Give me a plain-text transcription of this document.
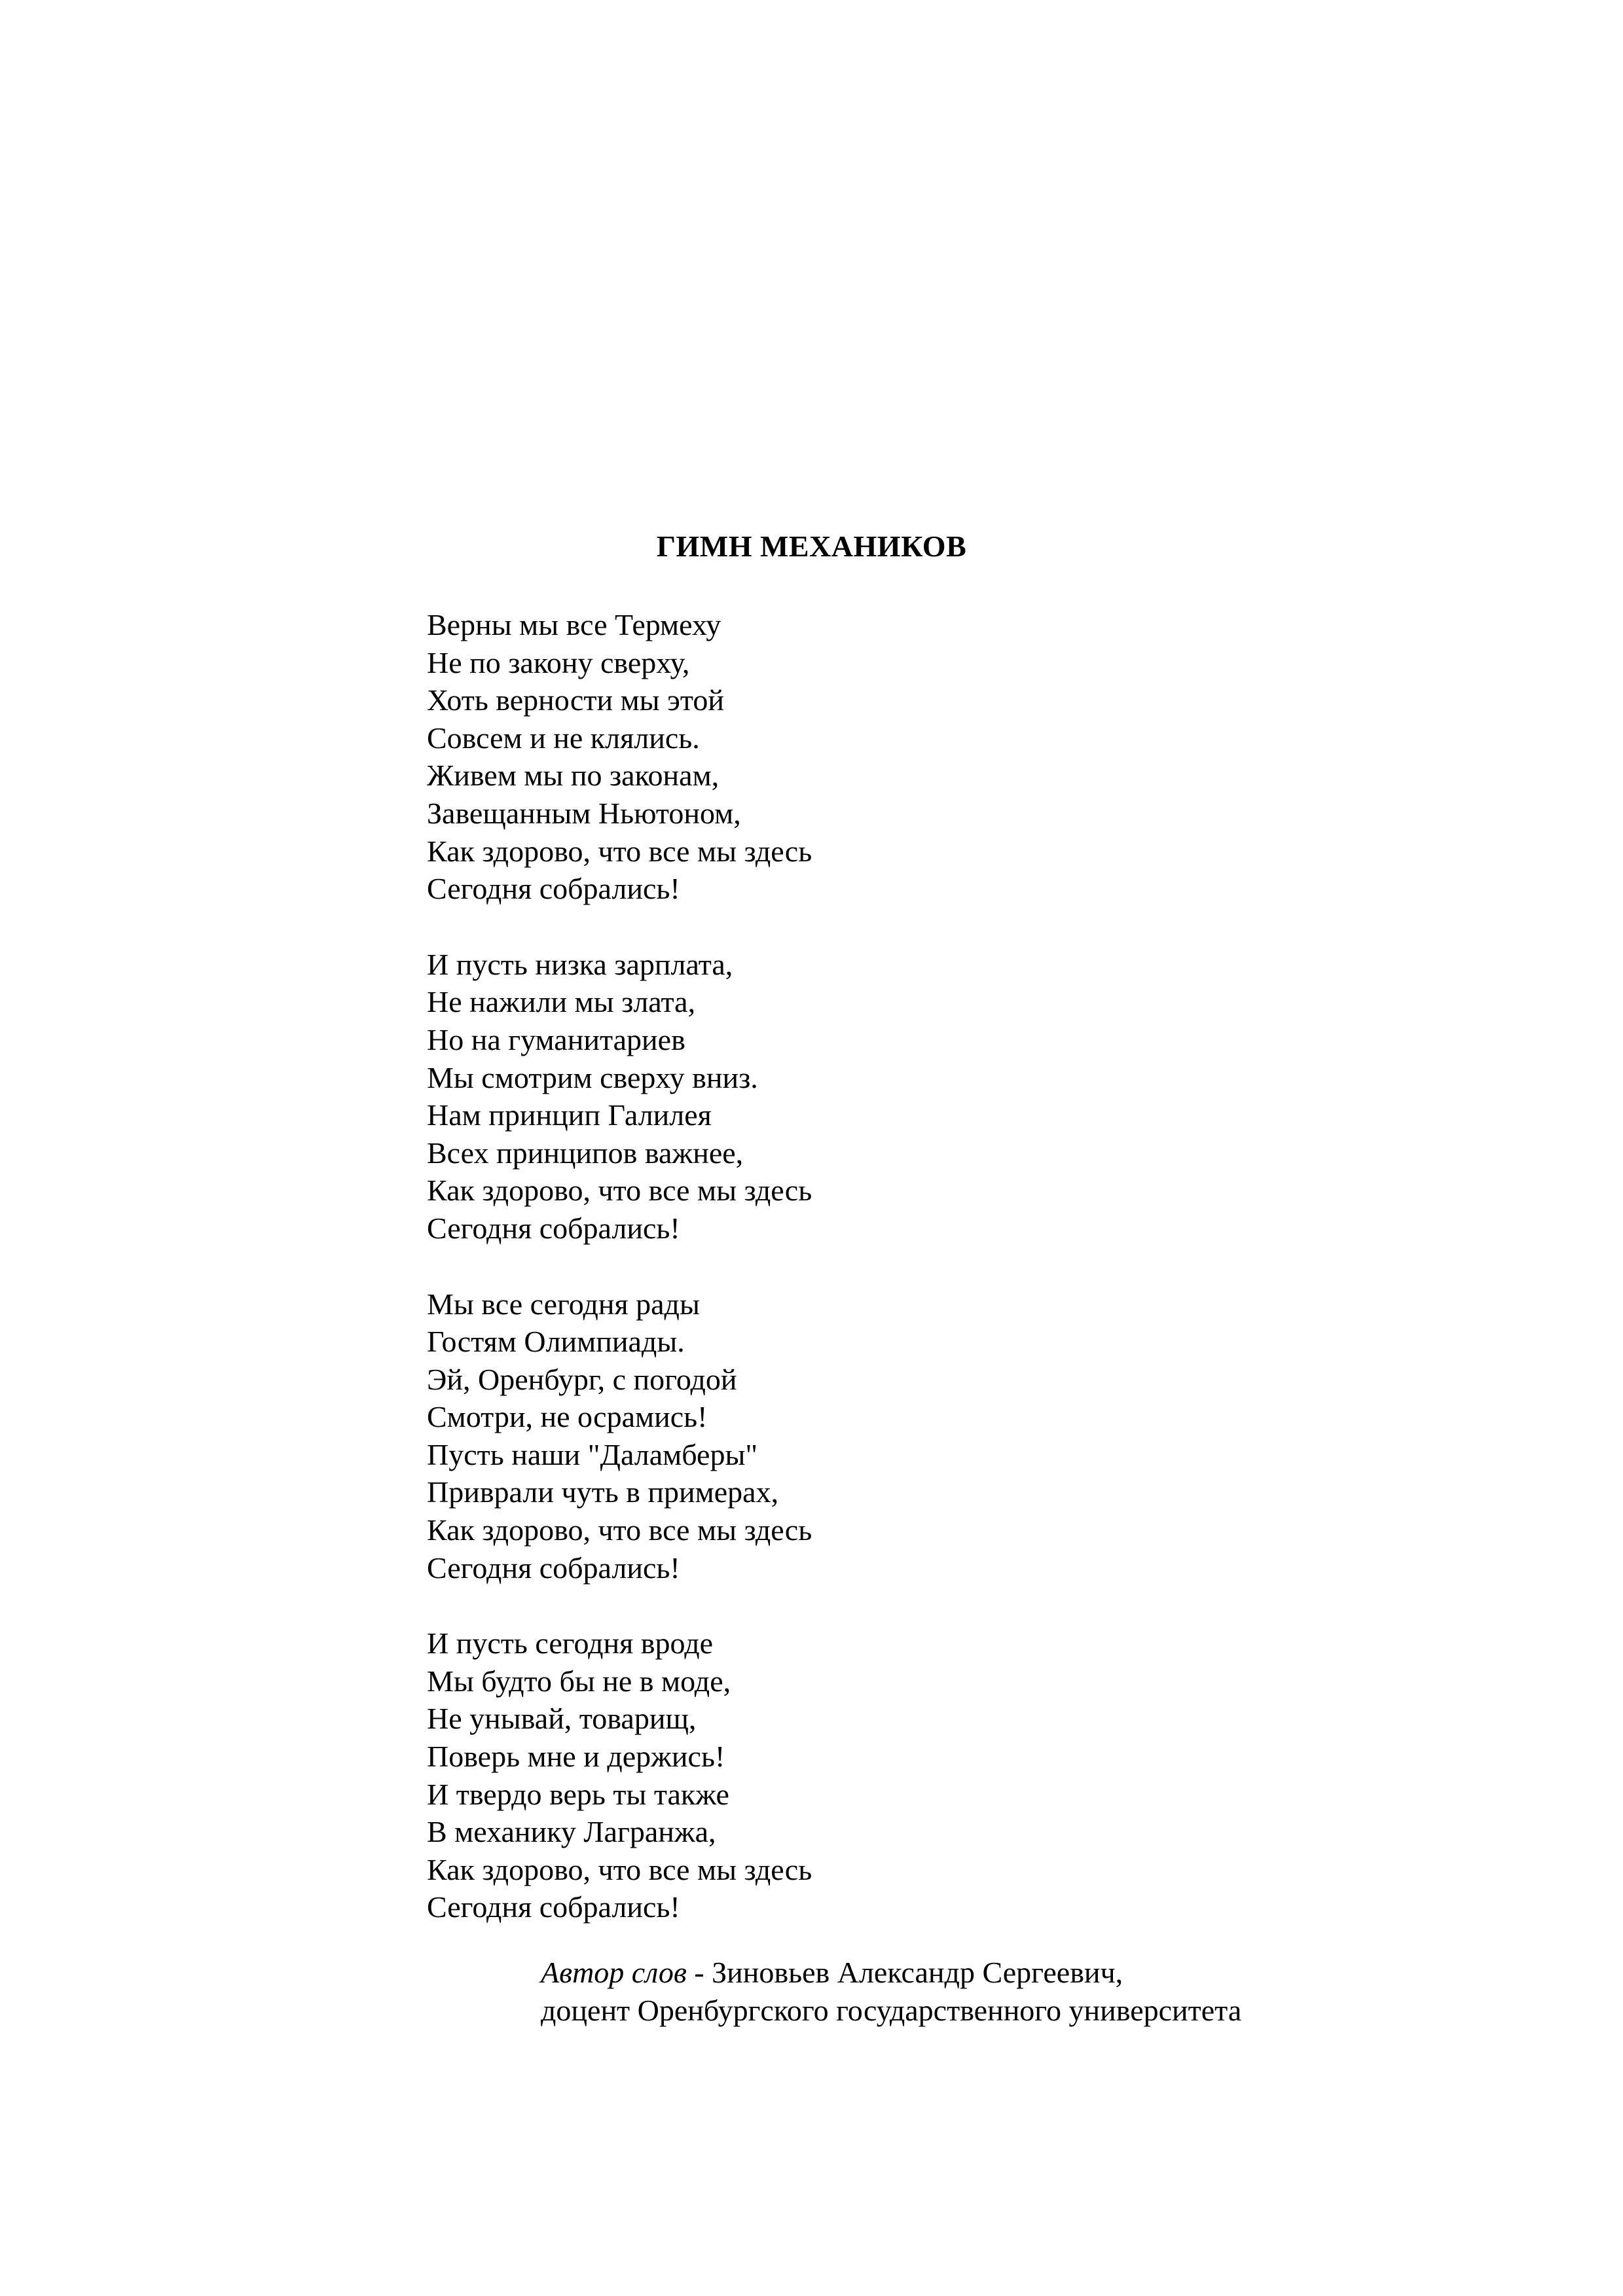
ГИМН МЕХАНИКОВ
Верны мы все Термеху
Не по закону сверху,
Хоть верности мы этой
Совсем и не клялись.
Живем мы по законам,
Завещанным Ньютоном,
Как здорово, что все мы здесь
Сегодня собрались!
И пусть низка зарплата,
Не нажили мы злата,
Но на гуманитариев
Мы смотрим сверху вниз.
Нам принцип Галилея
Всех принципов важнее,
Как здорово, что все мы здесь
Сегодня собрались!
Мы все сегодня рады
Гостям Олимпиады.
Эй, Оренбург, с погодой
Смотри, не осрамись!
Пусть наши "Даламберы"
Приврали чуть в примерах,
Как здорово, что все мы здесь
Сегодня собрались!
И пусть сегодня вроде
Мы будто бы не в моде,
Не унывай, товарищ,
Поверь мне и держись!
И твердо верь ты также
В механику Лагранжа,
Как здорово, что все мы здесь
Сегодня собрались!
Автор слов - Зиновьев Александр Сергеевич,
доцент Оренбургского государственного университета
